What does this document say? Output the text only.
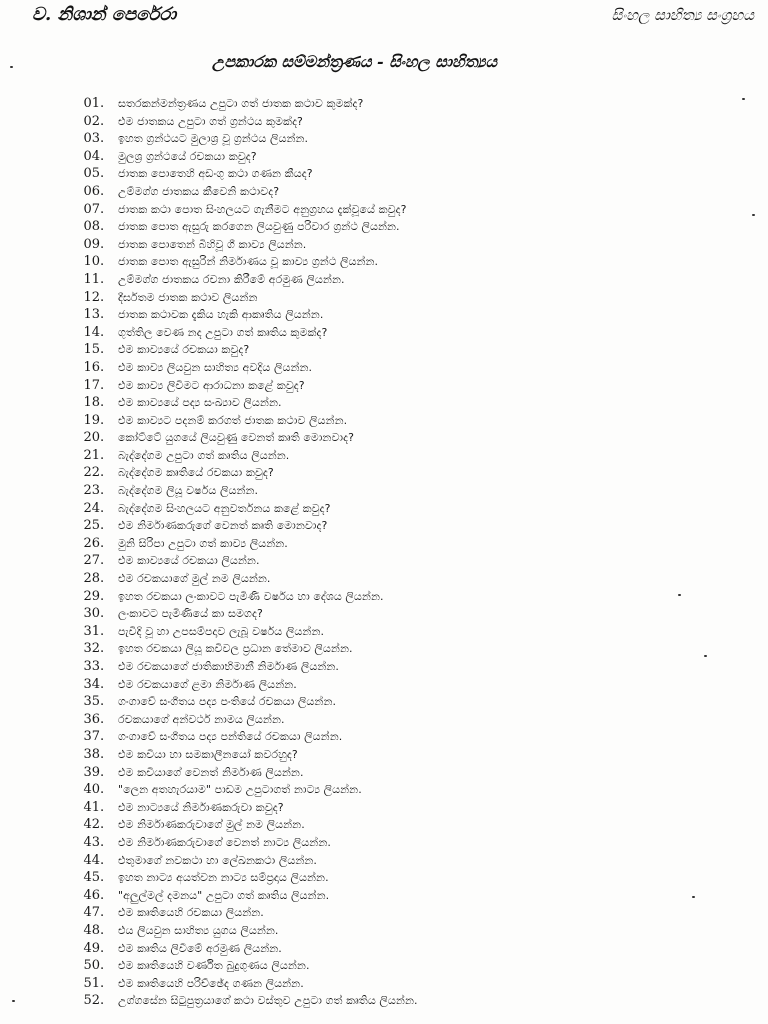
ව. නිශාන් පෙරේරා	සිංහල සාහිත්‍ය සංග්‍රහය
උපකාරක සම්මන්ත්‍රණය - සිංහල සාහිත්‍යය
01 .	සතරකන්මන්ත්‍රණය උපුටා ගත් ජාතක කථාව කුමක්ද?
02 .	එම ජාතකය උපුටා ගත් ග්‍රන්ථය කුමක්ද?
03 .	ඉහත ග්‍රන්ථයට මුලාශ්‍ර වූ ග්‍රන්ථය ලියන්න.
04 .	මුලශ්‍ර ග්‍රන්ථයේ රචකයා කවුද?
05 .	ජාතක පොතෙහි අඩංගු කථා ගණන කීයද?
06 .	උම්මග්ග ජාතකය කීවෙනි කථාවද?
07 .	ජාතක කථා පොත සිංහලයට ගැනීමට අනුග්‍රහය දැක්වූයේ කවුද?
08 .	ජාතක පොත ඇසුරු කරගෙන ලියවුණු පරිවාර ග්‍රන්ථ ලියන්න.
09 .	ජාතක පොතෙන් බිහිවූ ගී කාව්‍ය ලියන්න.
10 .	ජාතක පොත ඇසුරින් නිර්මාණය වූ කාව්‍ය ග්‍රන්ථ ලියන්න.
11 .	උම්මග්ග ජාතකය රචනා කිරීමේ අරමුණ ලියන්න.
12 .	දීර්ඝතම ජාතක කථාව ලියන්න
13 .	ජාතක කථාවක දැකිය හැකි ආකෘතිය ලියන්න.
14 .	ගුත්තිල වෙණ නද උපුටා ගත් කෘතිය කුමක්ද?
15 .	එම කාව්‍යයේ රචකයා කවුද?
16 .	එම කාව්‍ය ලියවුන සාහිත්‍ය අවදිය ලියන්න.
17 .	එම කාව්‍ය ලිවීමට ආරාධනා කළේ කවුද?
18 .	එම කාව්‍යයේ පද්‍ය සංඛ්‍යාව ලියන්න.
19 .	එම කාව්‍යට පදනම් කරගත් ජාතක කථාව ලියන්න.
20 .	කෝට්ටේ යුගයේ ලියවුණු වෙනත් කෘති මොනවාද?
21 .	බැද්දේගම උපුටා ගත් කෘතිය ලියන්න.
22 .	බැද්දේගම කෘතියේ රචකයා කවුද?
23 .	බැද්දේගම ලියූ වර්ෂය ලියන්න.
24 .	බැද්දේගම සිංහලයට අනුවර්තනය කළේ කවුද?
25 .	එම නිර්මාණකරුගේ වෙනත් කෘති මොනවාද?
26 .	මුනි සිරිපා උපුටා ගත් කාව්‍ය ලියන්න.
27 .	එම කාව්‍යයේ රචකයා ලියන්න.
28 .	එම රචකයාගේ මුල් නම ලියන්න.
29 .	ඉහත රචකයා ලංකාවට පැමිණි වර්ෂය හා දේශය ලියන්න.
30 .	ලංකාවට පැමිණියේ කා සමගද?
31 .	පැවිදි වූ හා උපසම්පදාව ලැබූ වර්ෂය ලියන්න.
32 .	ඉහත රචකයා ලියූ කවිවල ප්‍රධාන තේමාව ලියන්න.
33 .	එම රචකයාගේ ජාතිකාභිමානී නිර්මාණ ලියන්න.
34 .	එම රචකයාගේ ළමා නිර්මාණ ලියන්න.
35 .	ගංගාවේ සංගීතය පද්‍ය පංතියේ රචකයා ලියන්න.
36 .	රචකයාගේ අන්වර්ථ නාමය ලියන්න.
37 .	ගංගාවේ සංගීතය පද්‍ය පන්තියේ රචකයා ලියන්න.
38 .	එම කවියා හා සමකාලීනයෝ කවරහුද?
39 .	එම කවියාගේ වෙනත් නිර්මාණ ලියන්න.
40 .	"ලෙන අතහැරයාම" පාඩම උපුටාගත් නාට්‍ය ලියන්න.
41 .	එම නාට්‍යයේ නිර්මාණකරුවා කවුද?
42 .	එම නිර්මාණකරුවාගේ මුල් නම ලියන්න.
43 .	එම නිර්මාණකරුවාගේ වෙනත් නාට්‍ය ලියන්න.
44 .	එතුමාගේ නවකථා හා ලේඛනකථා ලියන්න.
45 .	ඉහත නාට්‍ය අයත්වන නාට්‍ය සම්ප්‍රදාය ලියන්න.
46 .	"අලුල්මල් දමනය" උපුටා ගත් කෘතිය ලියන්න.
47 .	එම කෘතියෙහි රචකයා ලියන්න.
48 .	එය ලියවුන සාහිත්‍ය යුගය ලියන්න.
49 .	එම කෘතිය ලිවීමේ අරමුණ ලියන්න.
50 .	එම කෘතියෙහි වර්ණිත බුදුගුණය ලියන්න.
51 .	එම කෘතියෙහි පරිච්ඡේද ගණන ලියන්න.
52 .	උග්ගසේන සිටුපුත්‍රයාගේ කථා වස්තුව උපුටා ගත් කෘතිය ලියන්න.
